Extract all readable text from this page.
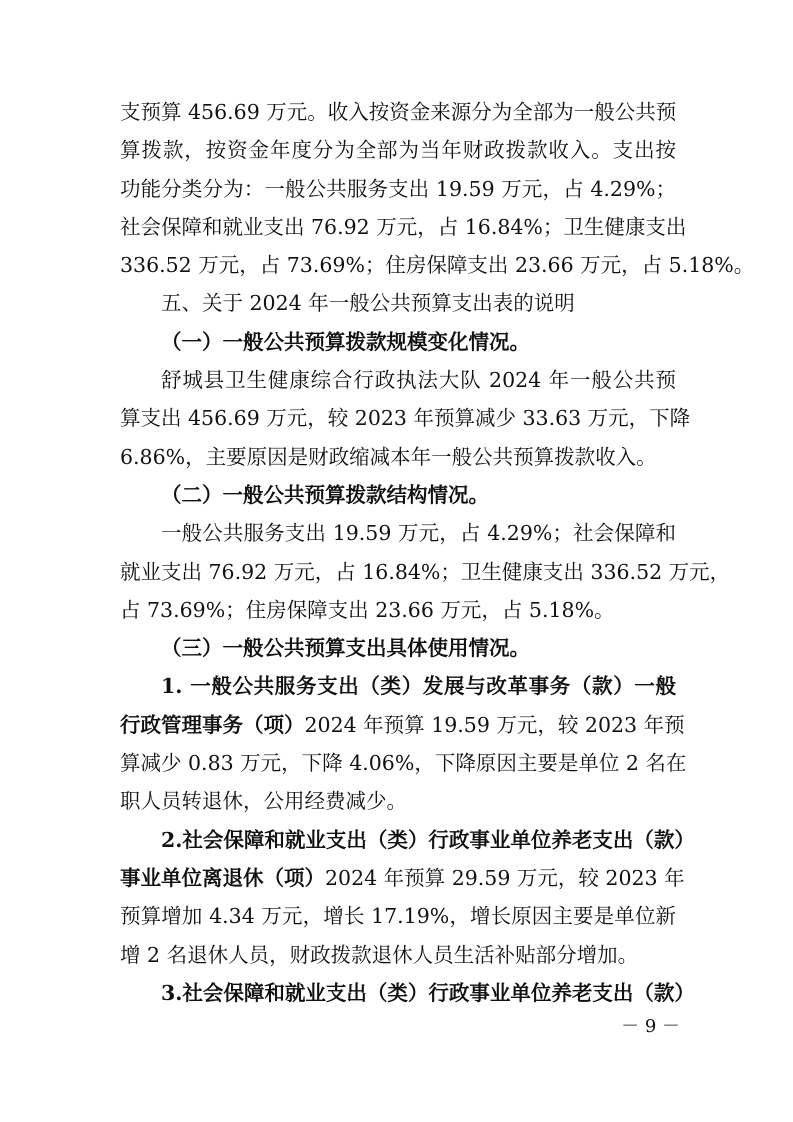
支预算 456.69 万元。收入按资金来源分为全部为一般公共预
算拨款，按资金年度分为全部为当年财政拨款收入。支出按
功能分类分为：一般公共服务支出 19.59 万元，占 4.29%；
社会保障和就业支出 76.92 万元，占 16.84%；卫生健康支出
336.52 万元，占 73.69%；住房保障支出 23.66 万元，占 5.18%。
五、关于 2024 年一般公共预算支出表的说明
（一）一般公共预算拨款规模变化情况。
舒城县卫生健康综合行政执法大队 2024 年一般公共预
算支出 456.69 万元，较 2023 年预算减少 33.63 万元，下降
6.86%，主要原因是财政缩减本年一般公共预算拨款收入。
（二）一般公共预算拨款结构情况。
一般公共服务支出 19.59 万元，占 4.29%；社会保障和
就业支出 76.92 万元，占 16.84%；卫生健康支出 336.52 万元，
占 73.69%；住房保障支出 23.66 万元，占 5.18%。
（三）一般公共预算支出具体使用情况。
1. 一般公共服务支出（类）发展与改革事务（款）一般
行政管理事务（项）2024 年预算 19.59 万元，较 2023 年预
算减少 0.83 万元，下降 4.06%，下降原因主要是单位 2 名在
职人员转退休，公用经费减少。
2.社会保障和就业支出（类）行政事业单位养老支出（款）
事业单位离退休（项）2024 年预算 29.59 万元，较 2023 年
预算增加 4.34 万元，增长 17.19%，增长原因主要是单位新
增 2 名退休人员，财政拨款退休人员生活补贴部分增加。
3.社会保障和就业支出（类）行政事业单位养老支出（款）
－ 9 －
